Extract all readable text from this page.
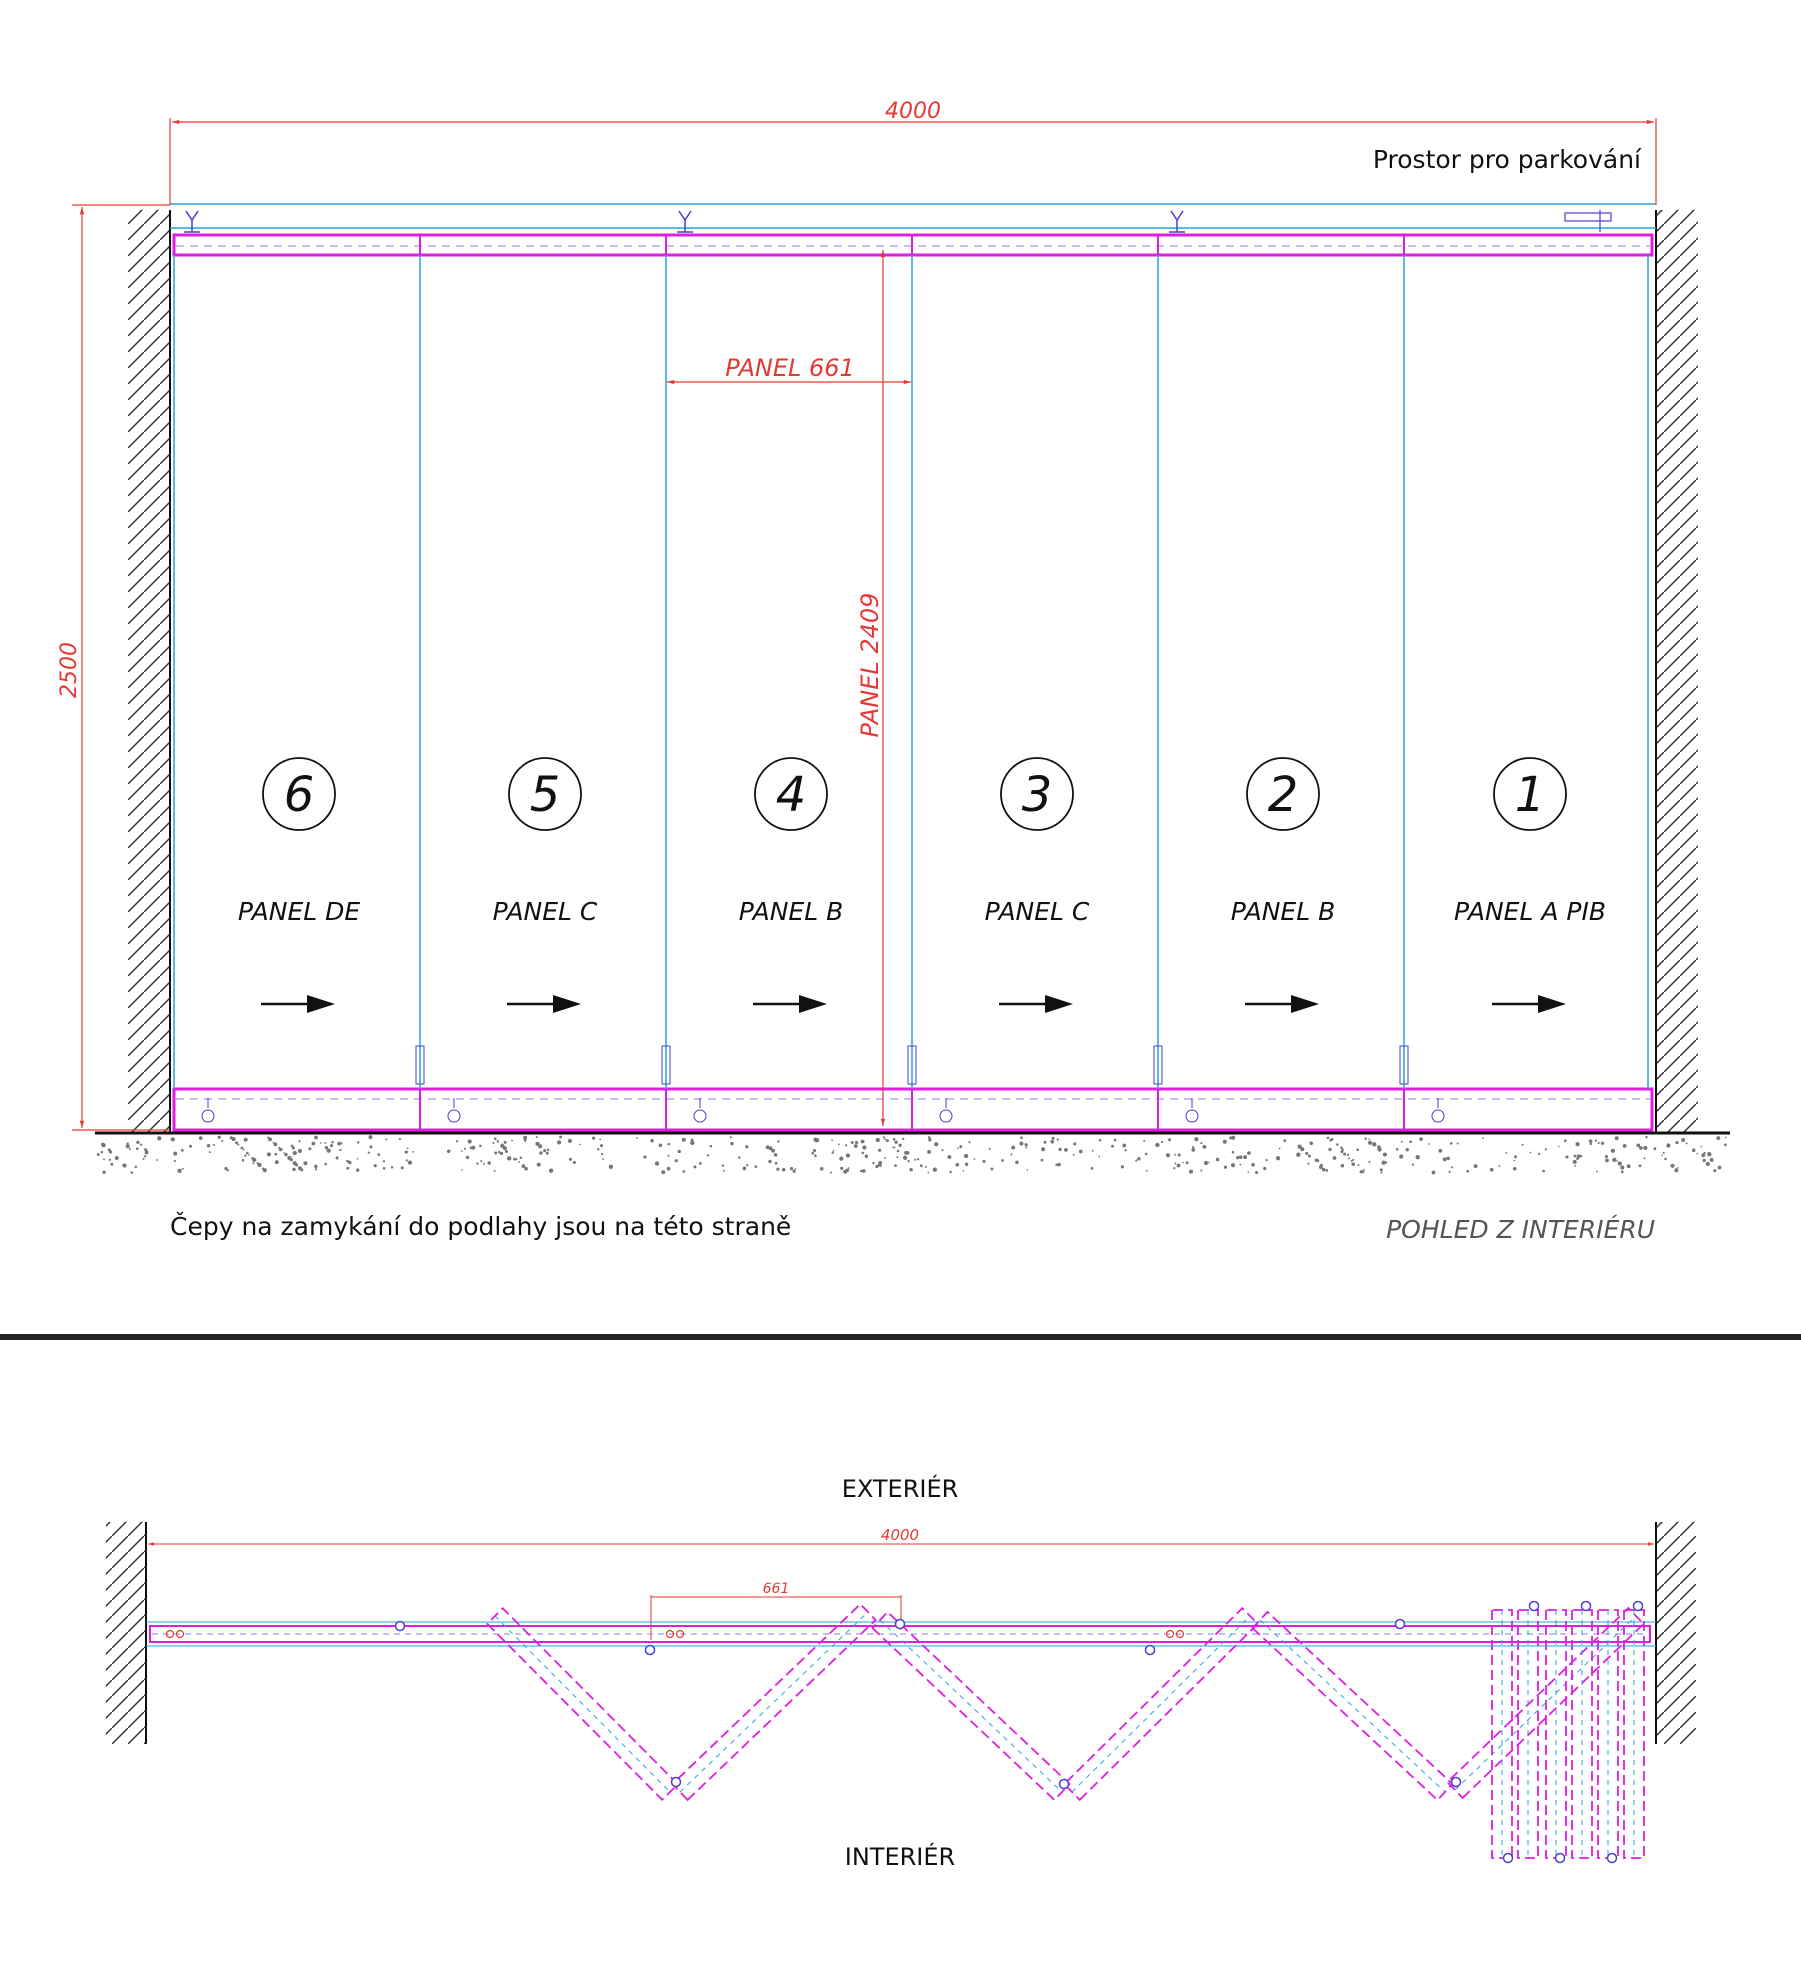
4000
2500
PANEL 661
PANEL 2409
6
PANEL DE
5
PANEL C
4
PANEL B
3
PANEL C
2
PANEL B
1
PANEL A PIB
Prostor pro parkování
Čepy na zamykání do podlahy jsou na této straně	POHLED Z INTERIÉRU
EXTERIÉR
INTERIÉR
4000
661
